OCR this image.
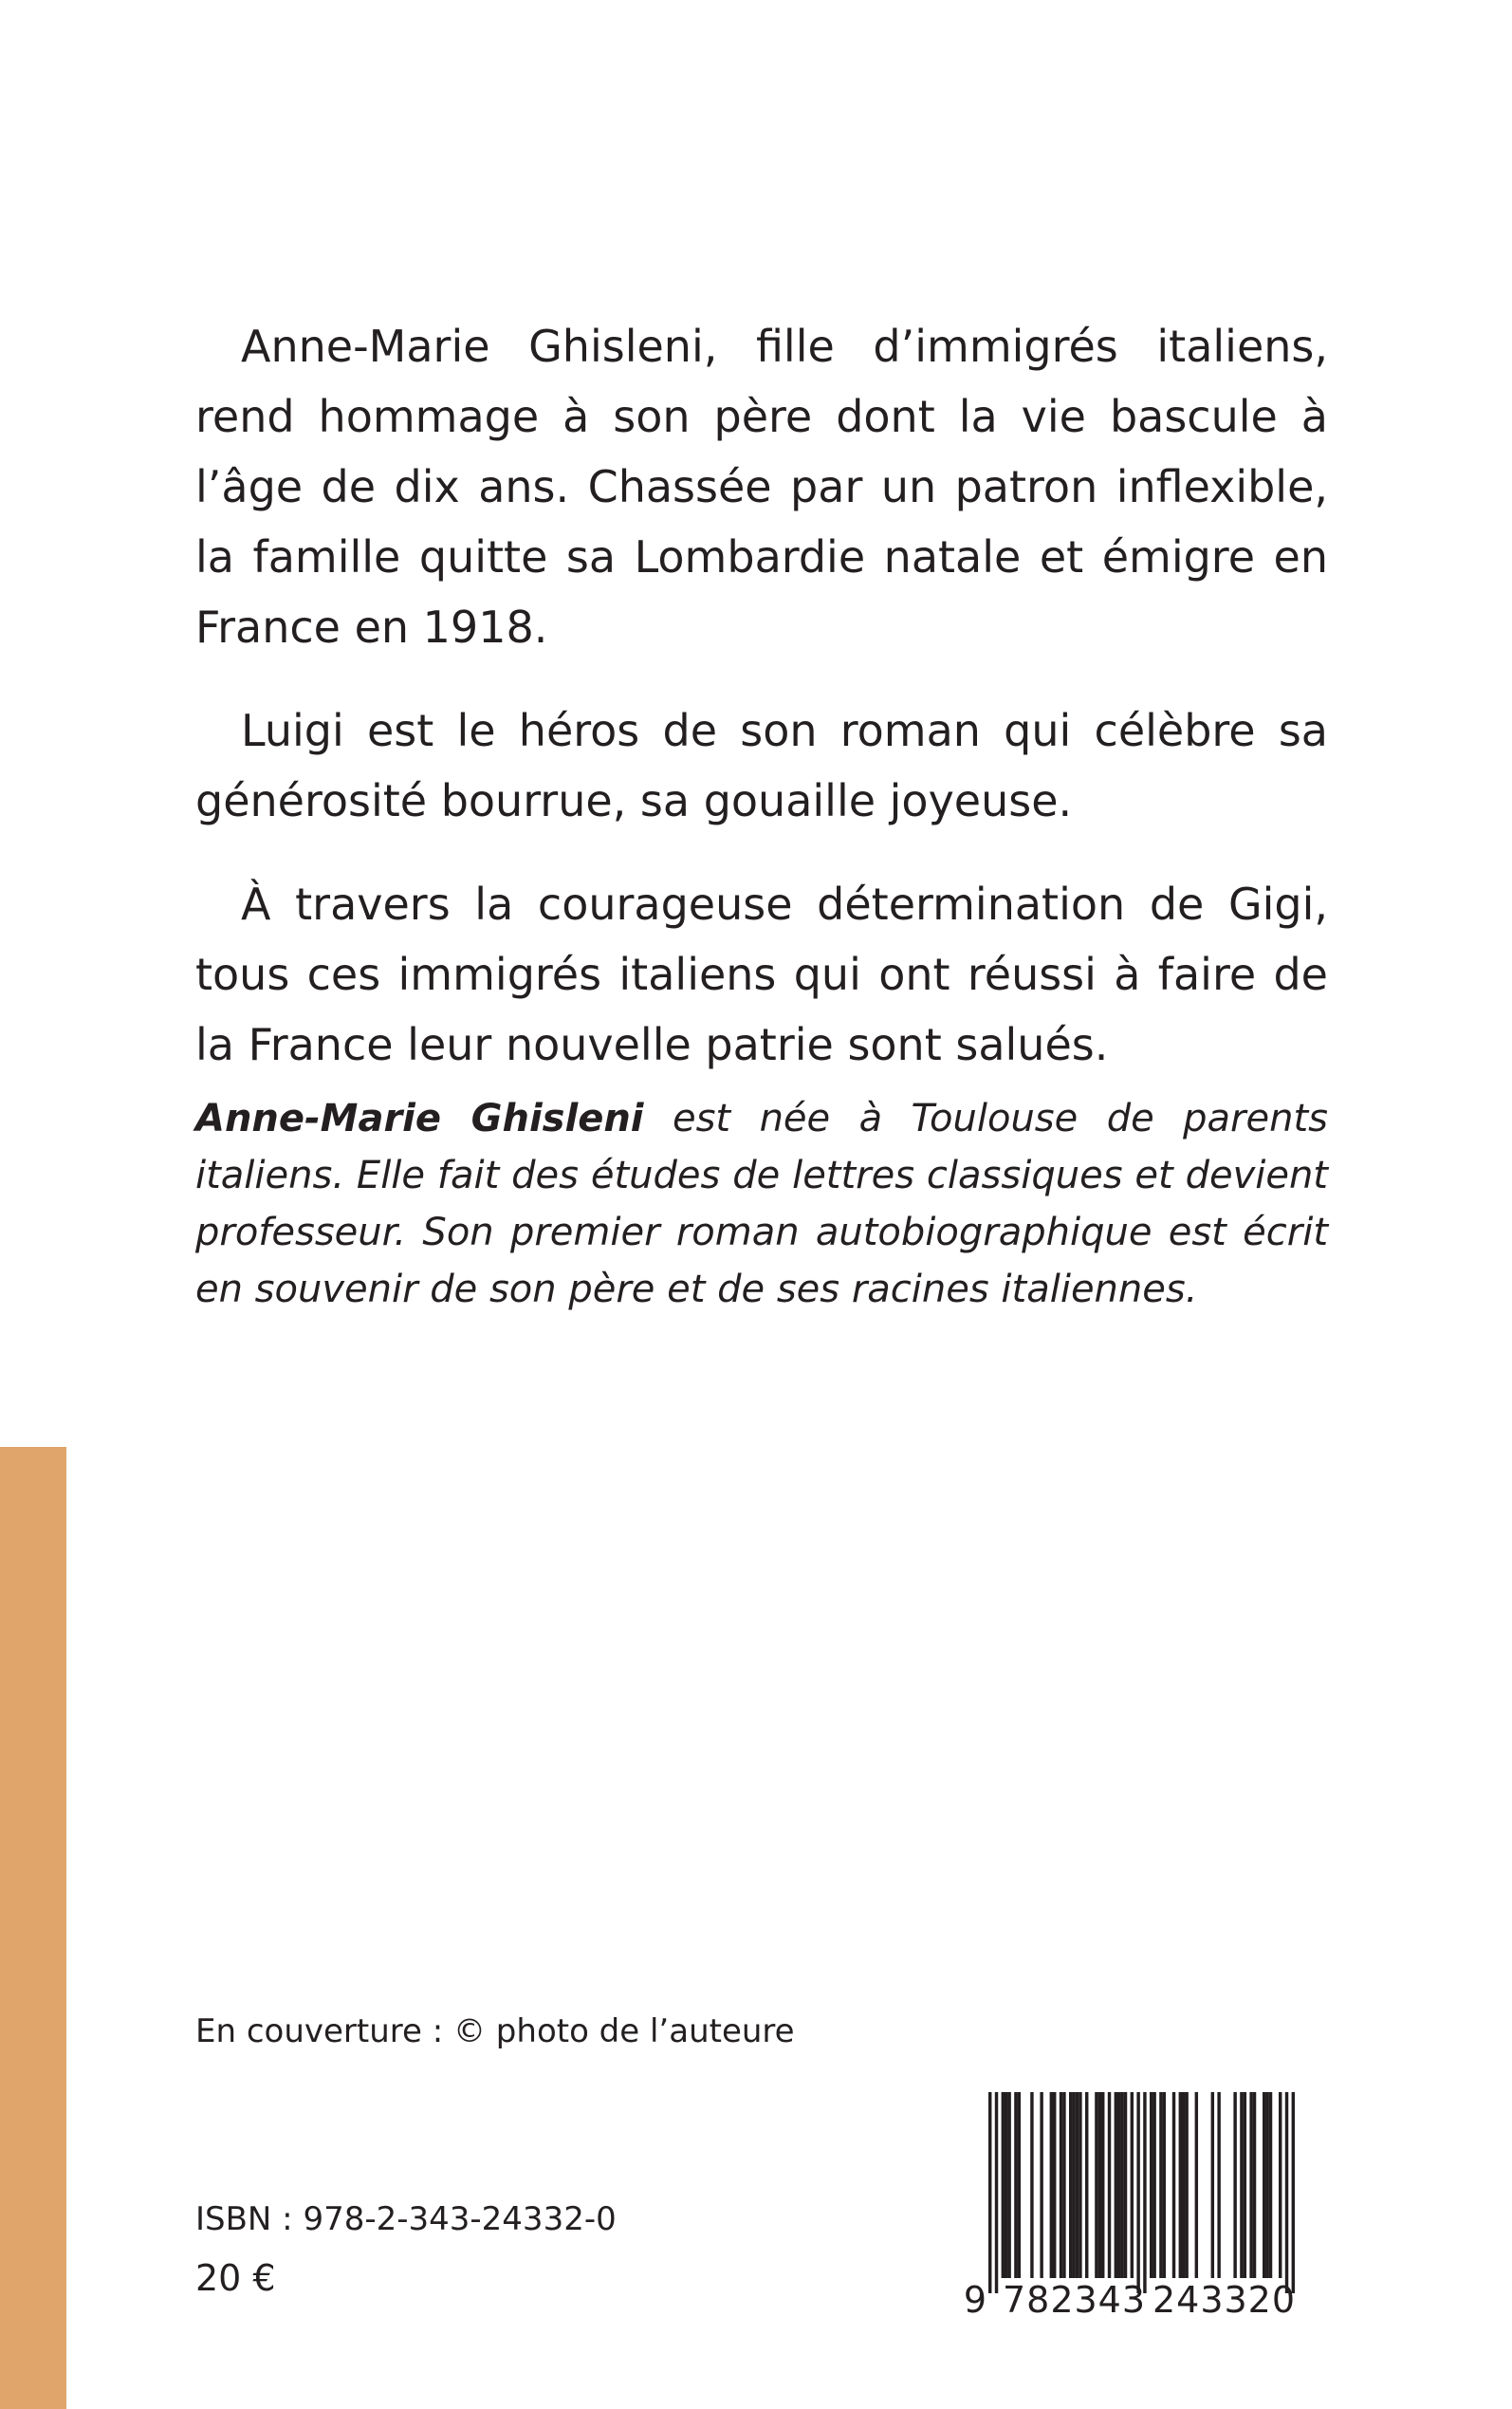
Anne-Marie Ghisleni, fille d’immigrés italiens, rend hommage à son père dont la vie bascule à l’âge de dix ans. Chassée par un patron inflexible, la famille quitte sa Lombardie natale et émigre en France en 1918.

Luigi est le héros de son roman qui célèbre sa générosité bourrue, sa gouaille joyeuse.

À travers la courageuse détermination de Gigi, tous ces immigrés italiens qui ont réussi à faire de la France leur nouvelle patrie sont salués.

Anne-Marie Ghisleni est née à Toulouse de parents italiens. Elle fait des études de lettres classiques et devient professeur. Son premier roman autobiographique est écrit en souvenir de son père et de ses racines italiennes.

En couverture : © photo de l’auteure

ISBN : 978-2-343-24332-0

20 €

9 782343 243320
